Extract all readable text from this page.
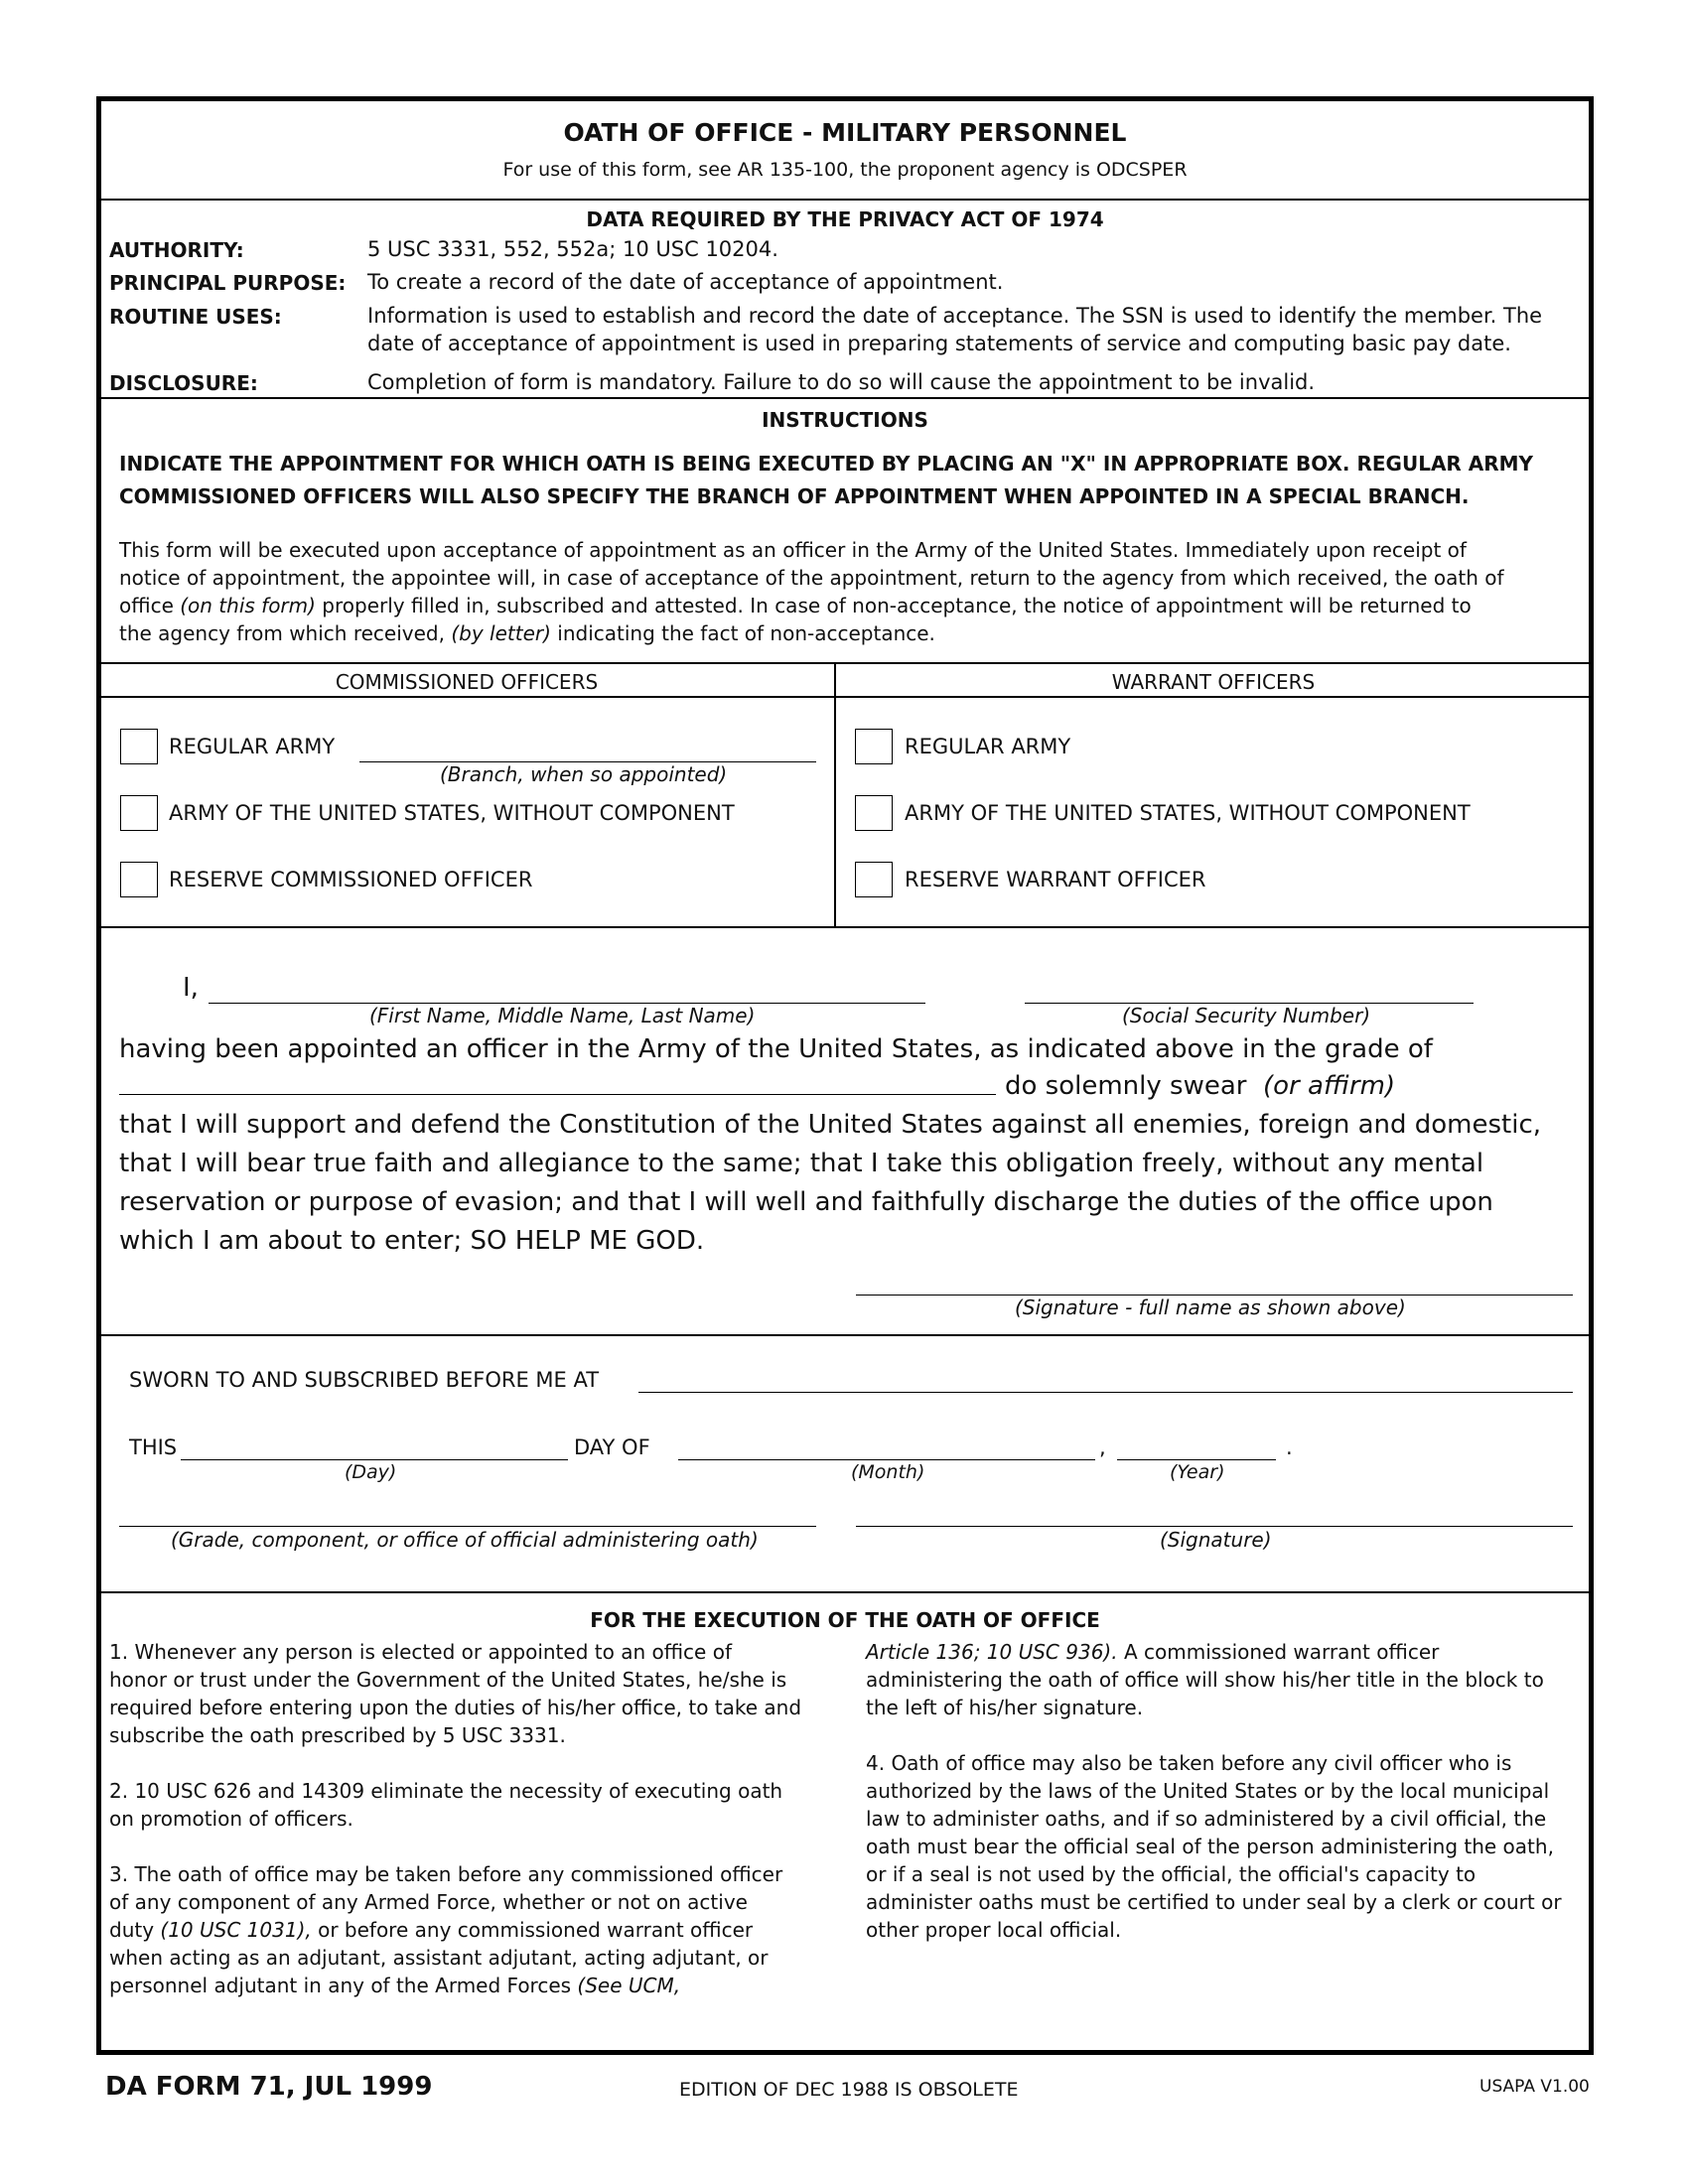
OATH OF OFFICE - MILITARY PERSONNEL
For use of this form, see AR 135-100, the proponent agency is ODCSPER
DATA REQUIRED BY THE PRIVACY ACT OF 1974
AUTHORITY:	5 USC 3331, 552, 552a; 10 USC 10204.
PRINCIPAL PURPOSE: To create a record of the date of acceptance of appointment.
ROUTINE USES:	Information is used to establish and record the date of acceptance. The SSN is used to identify the member. The
date of acceptance of appointment is used in preparing statements of service and computing basic pay date.
DISCLOSURE:	Completion of form is mandatory. Failure to do so will cause the appointment to be invalid.
INSTRUCTIONS
INDICATE THE APPOINTMENT FOR WHICH OATH IS BEING EXECUTED BY PLACING AN "X" IN APPROPRIATE BOX. REGULAR ARMY
COMMISSIONED OFFICERS WILL ALSO SPECIFY THE BRANCH OF APPOINTMENT WHEN APPOINTED IN A SPECIAL BRANCH.
This form will be executed upon acceptance of appointment as an officer in the Army of the United States. Immediately upon receipt of
notice of appointment, the appointee will, in case of acceptance of the appointment, return to the agency from which received, the oath of
office (on this form) properly filled in, subscribed and attested. In case of non-acceptance, the notice of appointment will be returned to
the agency from which received, (by letter) indicating the fact of non-acceptance.
COMMISSIONED OFFICERS	WARRANT OFFICERS
REGULAR ARMY
(Branch, when so appointed)
ARMY OF THE UNITED STATES, WITHOUT COMPONENT
RESERVE COMMISSIONED OFFICER
REGULAR ARMY
ARMY OF THE UNITED STATES, WITHOUT COMPONENT
RESERVE WARRANT OFFICER
I,
(First Name, Middle Name, Last Name)	(Social Security Number)
having been appointed an officer in the Army of the United States, as indicated above in the grade of
do solemnly swear (or affirm)
that I will support and defend the Constitution of the United States against all enemies, foreign and domestic,
that I will bear true faith and allegiance to the same; that I take this obligation freely, without any mental
reservation or purpose of evasion; and that I will well and faithfully discharge the duties of the office upon
which I am about to enter; SO HELP ME GOD.
(Signature - full name as shown above)
SWORN TO AND SUBSCRIBED BEFORE ME AT
THIS
(Day)
DAY OF
(Month)
,
(Year)
.
(Grade, component, or office of official administering oath)	(Signature)
FOR THE EXECUTION OF THE OATH OF OFFICE
1. Whenever any person is elected or appointed to an office of
honor or trust under the Government of the United States, he/she is
required before entering upon the duties of his/her office, to take and
subscribe the oath prescribed by 5 USC 3331.
2. 10 USC 626 and 14309 eliminate the necessity of executing oath
on promotion of officers.
3. The oath of office may be taken before any commissioned officer
of any component of any Armed Force, whether or not on active
duty (10 USC 1031), or before any commissioned warrant officer
when acting as an adjutant, assistant adjutant, acting adjutant, or
personnel adjutant in any of the Armed Forces (See UCM,
Article 136; 10 USC 936). A commissioned warrant officer
administering the oath of office will show his/her title in the block to
the left of his/her signature.
4. Oath of office may also be taken before any civil officer who is
authorized by the laws of the United States or by the local municipal
law to administer oaths, and if so administered by a civil official, the
oath must bear the official seal of the person administering the oath,
or if a seal is not used by the official, the official's capacity to
administer oaths must be certified to under seal by a clerk or court or
other proper local official.
DA FORM 71, JUL 1999	EDITION OF DEC 1988 IS OBSOLETE	USAPA V1.00
